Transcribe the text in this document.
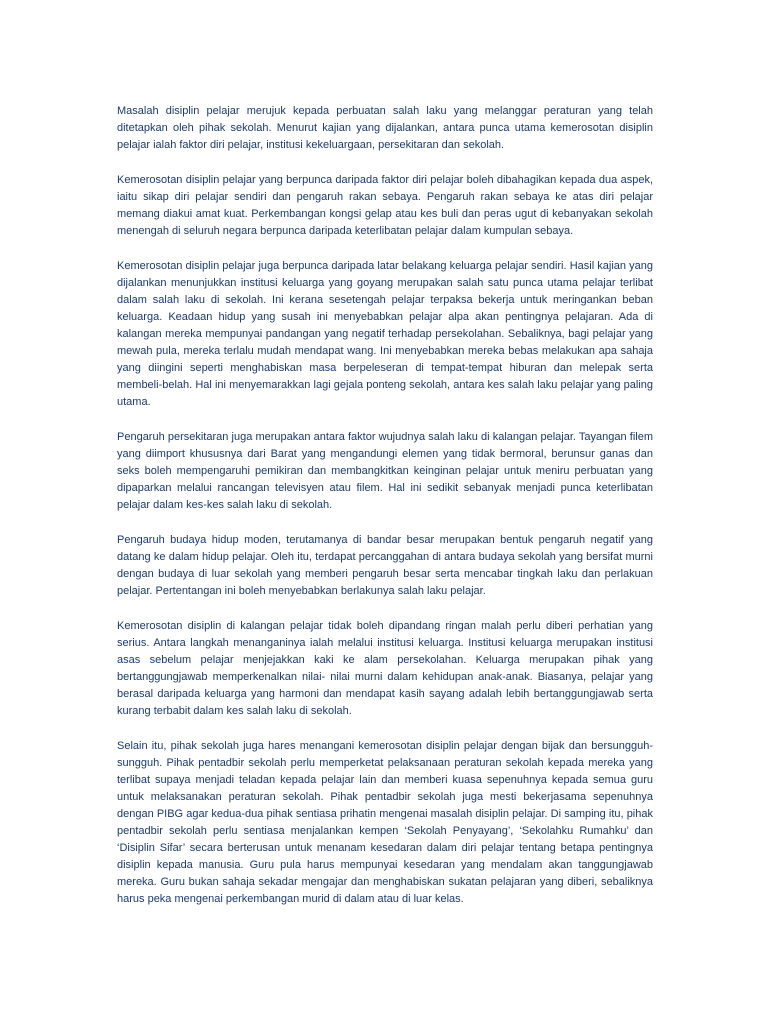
Masalah disiplin pelajar merujuk kepada perbuatan salah laku yang melanggar peraturan yang telah ditetapkan oleh pihak sekolah. Menurut kajian yang dijalankan, antara punca utama kemerosotan disiplin pelajar ialah faktor diri pelajar, institusi kekeluargaan, persekitaran dan sekolah.

Kemerosotan disiplin pelajar yang berpunca daripada faktor diri pelajar boleh dibahagikan kepada dua aspek, iaitu sikap diri pelajar sendiri dan pengaruh rakan sebaya. Pengaruh rakan sebaya ke atas diri pelajar memang diakui amat kuat. Perkembangan kongsi gelap atau kes buli dan peras ugut di kebanyakan sekolah menengah di seluruh negara berpunca daripada keterlibatan pelajar dalam kumpulan sebaya.

Kemerosotan disiplin pelajar juga berpunca daripada latar belakang keluarga pelajar sendiri. Hasil kajian yang dijalankan menunjukkan institusi keluarga yang goyang merupakan salah satu punca utama pelajar terlibat dalam salah laku di sekolah. Ini kerana sesetengah pelajar terpaksa bekerja untuk meringankan beban keluarga. Keadaan hidup yang susah ini menyebabkan pelajar alpa akan pentingnya pelajaran. Ada di kalangan mereka mempunyai pandangan yang negatif terhadap persekolahan. Sebaliknya, bagi pelajar yang mewah pula, mereka terlalu mudah mendapat wang. Ini menyebabkan mereka bebas melakukan apa sahaja yang diingini seperti menghabiskan masa berpeleseran di tempat-tempat hiburan dan melepak serta membeli-belah. Hal ini menyemarakkan lagi gejala ponteng sekolah, antara kes salah laku pelajar yang paling utama.

Pengaruh persekitaran juga merupakan antara faktor wujudnya salah laku di kalangan pelajar. Tayangan filem yang diimport khususnya dari Barat yang mengandungi elemen yang tidak bermoral, berunsur ganas dan seks boleh mempengaruhi pemikiran dan membangkitkan keinginan pelajar untuk meniru perbuatan yang dipaparkan melalui rancangan televisyen atau filem. Hal ini sedikit sebanyak menjadi punca keterlibatan pelajar dalam kes-kes salah laku di sekolah.

Pengaruh budaya hidup moden, terutamanya di bandar besar merupakan bentuk pengaruh negatif yang datang ke dalam hidup pelajar. Oleh itu, terdapat percanggahan di antara budaya sekolah yang bersifat murni dengan budaya di luar sekolah yang memberi pengaruh besar serta mencabar tingkah laku dan perlakuan pelajar. Pertentangan ini boleh menyebabkan berlakunya salah laku pelajar.

Kemerosotan disiplin di kalangan pelajar tidak boleh dipandang ringan malah perlu diberi perhatian yang serius. Antara langkah menanganinya ialah melalui institusi keluarga. Institusi keluarga merupakan institusi asas sebelum pelajar menjejakkan kaki ke alam persekolahan. Keluarga merupakan pihak yang bertanggungjawab memperkenalkan nilai- nilai murni dalam kehidupan anak-anak. Biasanya, pelajar yang berasal daripada keluarga yang harmoni dan mendapat kasih sayang adalah lebih bertanggungjawab serta kurang terbabit dalam kes salah laku di sekolah.

Selain itu, pihak sekolah juga hares menangani kemerosotan disiplin pelajar dengan bijak dan bersungguh-sungguh. Pihak pentadbir sekolah perlu memperketat pelaksanaan peraturan sekolah kepada mereka yang terlibat supaya menjadi teladan kepada pelajar lain dan memberi kuasa sepenuhnya kepada semua guru untuk melaksanakan peraturan sekolah. Pihak pentadbir sekolah juga mesti bekerjasama sepenuhnya dengan PIBG agar kedua-dua pihak sentiasa prihatin mengenai masalah disiplin pelajar. Di samping itu, pihak pentadbir sekolah perlu sentiasa menjalankan kempen ‘Sekolah Penyayang’, ‘Sekolahku Rumahku’ dan ‘Disiplin Sifar’ secara berterusan untuk menanam kesedaran dalam diri pelajar tentang betapa pentingnya disiplin kepada manusia. Guru pula harus mempunyai kesedaran yang mendalam akan tanggungjawab mereka. Guru bukan sahaja sekadar mengajar dan menghabiskan sukatan pelajaran yang diberi, sebaliknya harus peka mengenai perkembangan murid di dalam atau di luar kelas.
